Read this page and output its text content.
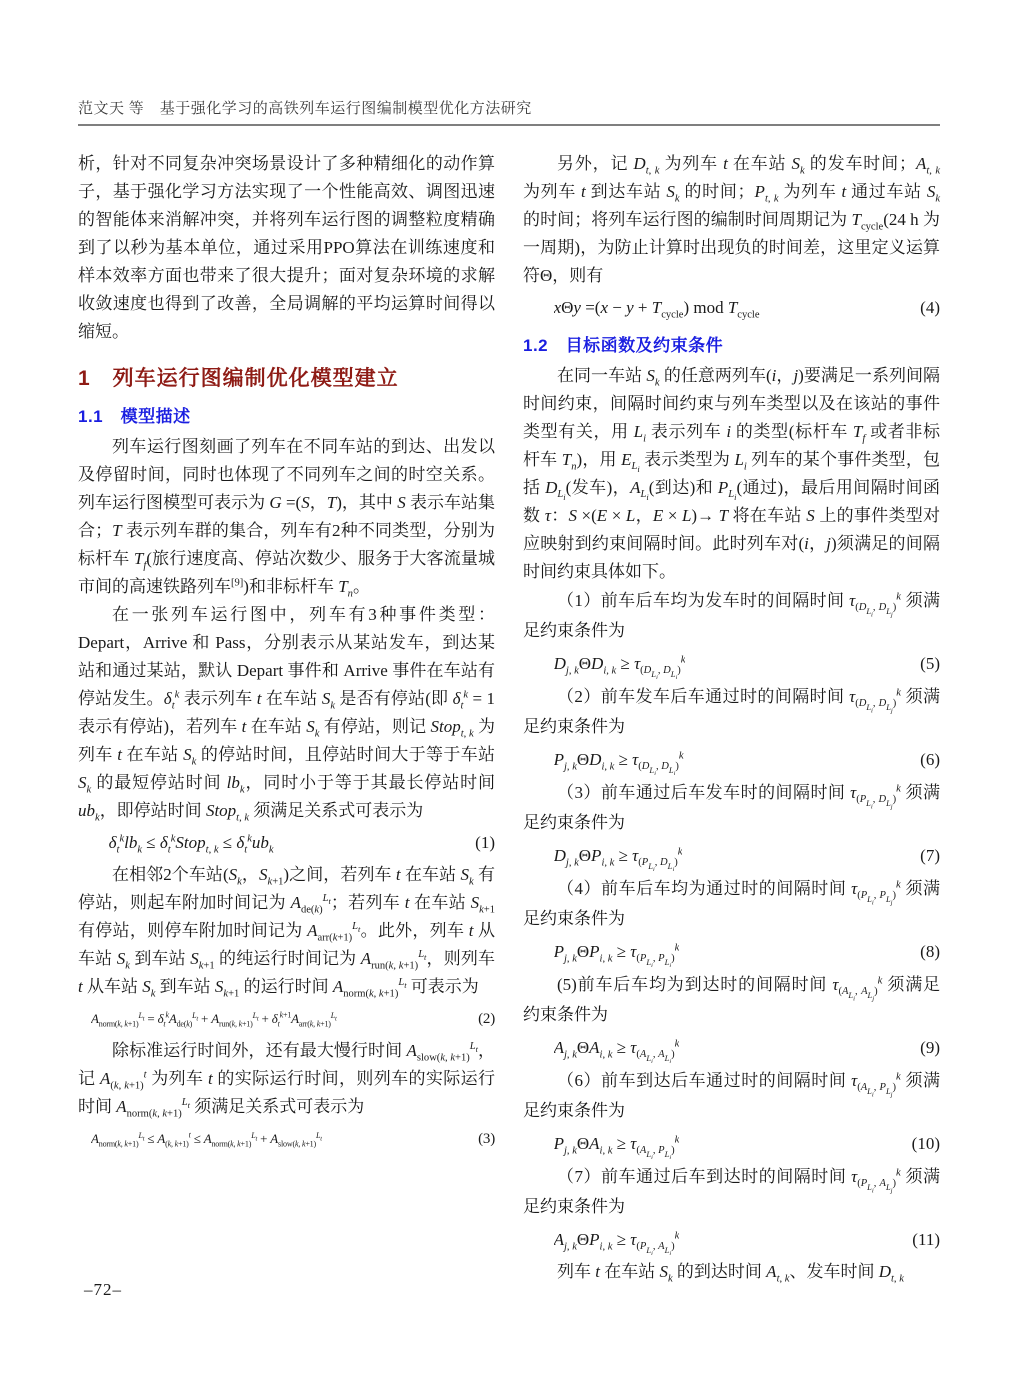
范文天 等　基于强化学习的高铁列车运行图编制模型优化方法研究

析，针对不同复杂冲突场景设计了多种精细化的动作算子，基于强化学习方法实现了一个性能高效、调图迅速的智能体来消解冲突，并将列车运行图的调整粒度精确到了以秒为基本单位，通过采用PPO算法在训练速度和样本效率方面也带来了很大提升；面对复杂环境的求解收敛速度也得到了改善，全局调解的平均运算时间得以缩短。

1　列车运行图编制优化模型建立
1.1　模型描述

列车运行图刻画了列车在不同车站的到达、出发以及停留时间，同时也体现了不同列车之间的时空关系。列车运行图模型可表示为 G =(S，T)，其中 S 表示车站集合；T 表示列车群的集合，列车有2种不同类型，分别为标杆车 $T_f$(旅行速度高、停站次数少、服务于大客流量城市间的高速铁路列车[9])和非标杆车 $T_n$。

在一张列车运行图中，列车有3种事件类型：Depart，Arrive 和 Pass，分别表示从某站发车，到达某站和通过某站，默认 Depart 事件和 Arrive 事件在车站有停站发生。$\delta_t^k$ 表示列车 t 在车站 $S_k$ 是否有停站(即 $\delta_t^k = 1$ 表示有停站)，若列车 t 在车站 $S_k$ 有停站，则记 Stop$_{t, k}$ 为列车 t 在车站 $S_k$ 的停站时间，且停站时间大于等于车站 $S_k$ 的最短停站时间 $lb_k$，同时小于等于其最长停站时间 $ub_k$，即停站时间 Stop$_{t, k}$ 须满足关系式可表示为

$\delta_t^klb_k$ ≤ $\delta_t^kStop_{t, k} \le \delta_t^kub_k$	(1)

在相邻2个车站($S_k$，$S_{k+1}$)之间，若列车 t 在车站 $S_k$ 有停站，则起车附加时间记为 $A_{de(k)}^{L_t}$；若列车 t 在车站 $S_{k+1}$ 有停站，则停车附加时间记为 $A_{arr(k+1)}^{L_t}$。此外，列车 t 从车站 $S_k$ 到车站 $S_{k+1}$ 的纯运行时间记为 $A_{run(k, k+1)}^{L_t}$，则列车 t 从车站 $S_k$ 到车站 $S_{k+1}$ 的运行时间 $A_{norm(k, k+1)}^{L_t}$ 可表示为

$A_{norm(k, k+1)}^{L_t} = \delta_t^kA_{de(k)}^{L_t} + A_{run(k, k+1)}^{L_t} + \delta_t^{k+1}A_{arr(k, k+1)}^{L_t}$	(2)

除标准运行时间外，还有最大慢行时间 $A_{slow(k, k+1)}^{L_t}$，记 $A_{(k, k+1)}^t$ 为列车 t 的实际运行时间，则列车的实际运行时间 $A_{norm(k, k+1)}^{L_t}$ 须满足关系式可表示为

$A_{norm(k, k+1)}^{L_t} \le A_{(k, k+1)}^t \le A_{norm(k, k+1)}^{L_t} + A_{slow(k, k+1)}^{L_t}$	(3)

另外，记 $D_{t, k}$ 为列车 t 在车站 $S_k$ 的发车时间；$A_{t, k}$ 为列车 t 到达车站 $S_k$ 的时间；$P_{t, k}$ 为列车 t 通过车站 $S_k$ 的时间；将列车运行图的编制时间周期记为 $T_{cycle}(24$ h 为一周期)，为防止计算时出现负的时间差，这里定义运算符Θ，则有

$x\Theta y =(x - y + T_{cycle})$ mod $T_{cycle}$	(4)
1.2　目标函数及约束条件

在同一车站 $S_k$ 的任意两列车(i，j)要满足一系列间隔时间约束，间隔时间约束与列车类型以及在该站的事件类型有关，用 $L_i$ 表示列车 i 的类型(标杆车 $T_f$ 或者非标杆车 $T_n$)，用 $E_{L_i}$ 表示类型为 $L_i$ 列车的某个事件类型，包括 $D_{L_i}$(发车)，$A_{L_i}$(到达)和 $P_{L_i}$(通过)，最后用间隔时间函数 τ：S ×(E × L，E × L)→ T 将在车站 S 上的事件类型对应映射到约束间隔时间。此时列车对(i，j)须满足的间隔时间约束具体如下。

（1）前车后车均为发车时的间隔时间 $\tau_{(D_{L_i}, D_{L_j})}^k$ 须满足约束条件为

$D_{j, k}\Theta D_{i, k} \ge \tau_{(D_{L_i}, D_{L_j})}^k$	(5)

（2）前车发车后车通过时的间隔时间 $\tau_{(D_{L_i}, D_{L_j})}^k$ 须满足约束条件为

$P_{j, k}\Theta D_{i, k} \ge \tau_{(D_{L_i}, D_{L_j})}^k$	(6)

（3）前车通过后车发车时的间隔时间 $\tau_{(P_{L_i}, D_{L_j})}^k$ 须满足约束条件为

$D_{j, k}\Theta P_{i, k} \ge \tau_{(P_{L_i}, D_{L_j})}^k$	(7)

（4）前车后车均为通过时的间隔时间 $\tau_{(P_{L_i}, P_{L_j})}^k$ 须满足约束条件为

$P_{j, k}\Theta P_{i, k} \ge \tau_{(P_{L_i}, P_{L_j})}^k$	(8)

(5)前车后车均为到达时的间隔时间 $\tau_{(A_{L_i}, A_{L_j})}^k$ 须满足约束条件为

$A_{j, k}\Theta A_{i, k} \ge \tau_{(A_{L_i}, A_{L_j})}^k$	(9)

（6）前车到达后车通过时的间隔时间 $\tau_{(A_{L_i}, P_{L_j})}^k$ 须满足约束条件为

$P_{j, k}\Theta A_{i, k} \ge \tau_{(A_{L_i}, P_{L_j})}^k$	(10)

（7）前车通过后车到达时的间隔时间 $\tau_{(P_{L_i}, A_{L_j})}^k$ 须满足约束条件为

$A_{j, k}\Theta P_{i, k} \ge \tau_{(P_{L_i}, A_{L_j})}^k$	(11)

列车 t 在车站 $S_k$ 的到达时间 $A_{t, k}$、发车时间 $D_{t, k}$

–72–
